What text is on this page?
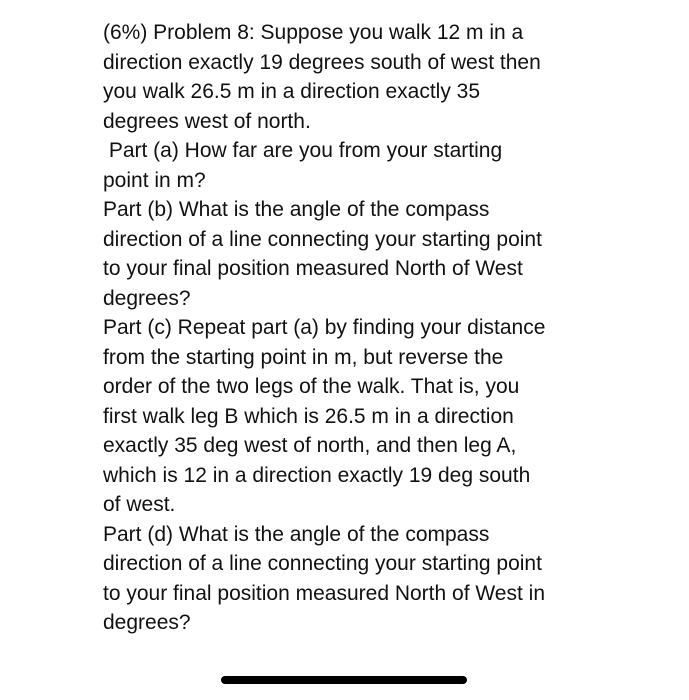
(6%) Problem 8: Suppose you walk 12 m in a
direction exactly 19 degrees south of west then
you walk 26.5 m in a direction exactly 35
degrees west of north.
Part (a) How far are you from your starting
point in m?
Part (b) What is the angle of the compass
direction of a line connecting your starting point
to your final position measured North of West
degrees?
Part (c) Repeat part (a) by finding your distance
from the starting point in m, but reverse the
order of the two legs of the walk. That is, you
first walk leg B which is 26.5 m in a direction
exactly 35 deg west of north, and then leg A,
which is 12 in a direction exactly 19 deg south
of west.
Part (d) What is the angle of the compass
direction of a line connecting your starting point
to your final position measured North of West in
degrees?
